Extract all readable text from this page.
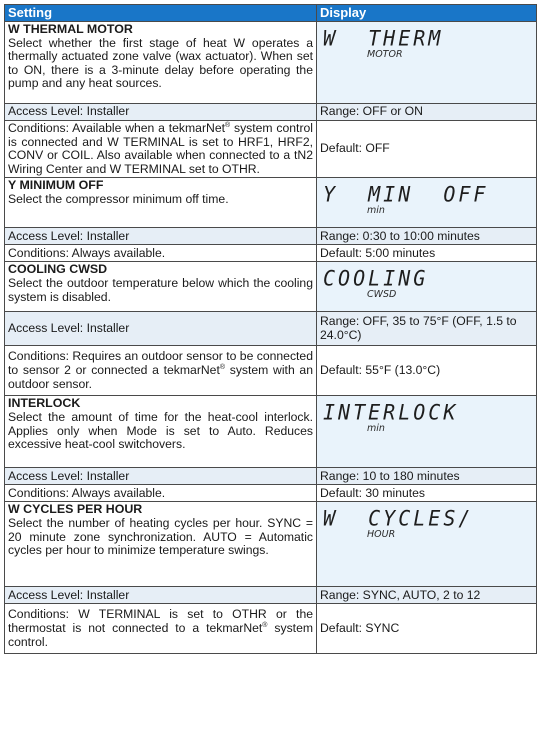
Setting	Display

W THERMAL MOTOR
Select whether the first stage of heat W operates a thermally actuated zone valve (wax actuator). When set to ON, there is a 3-minute delay before operating the pump and any heat sources.	W  THERM
MOTOR

Access Level: Installer	Range: OFF or ON

Conditions: Available when a tekmarNet® system control is connected and W TERMINAL is set to HRF1, HRF2, CONV or COIL. Also available when connected to a tN2 Wiring Center and W TERMINAL set to OTHR.	Default: OFF

Y MINIMUM OFF
Select the compressor minimum off time.	Y  MIN  OFF
min

Access Level: Installer	Range: 0:30 to 10:00 minutes

Conditions: Always available.	Default: 5:00 minutes

COOLING CWSD
Select the outdoor temperature below which the cooling system is disabled.	COOLING
CWSD

Access Level: Installer	Range: OFF, 35 to 75°F (OFF, 1.5 to 24.0°C)

Conditions: Requires an outdoor sensor to be connected to sensor 2 or connected a tekmarNet® system with an outdoor sensor.	Default: 55°F (13.0°C)

INTERLOCK
Select the amount of time for the heat-cool interlock. Applies only when Mode is set to Auto. Reduces excessive heat-cool switchovers.	INTERLOCK
min

Access Level: Installer	Range: 10 to 180 minutes

Conditions: Always available.	Default: 30 minutes

W CYCLES PER HOUR
Select the number of heating cycles per hour. SYNC = 20 minute zone synchronization. AUTO = Automatic cycles per hour to minimize temperature swings.	W  CYCLES/
HOUR

Access Level: Installer	Range: SYNC, AUTO, 2 to 12

Conditions: W TERMINAL is set to OTHR or the thermostat is not connected to a tekmarNet® system control.	Default: SYNC
